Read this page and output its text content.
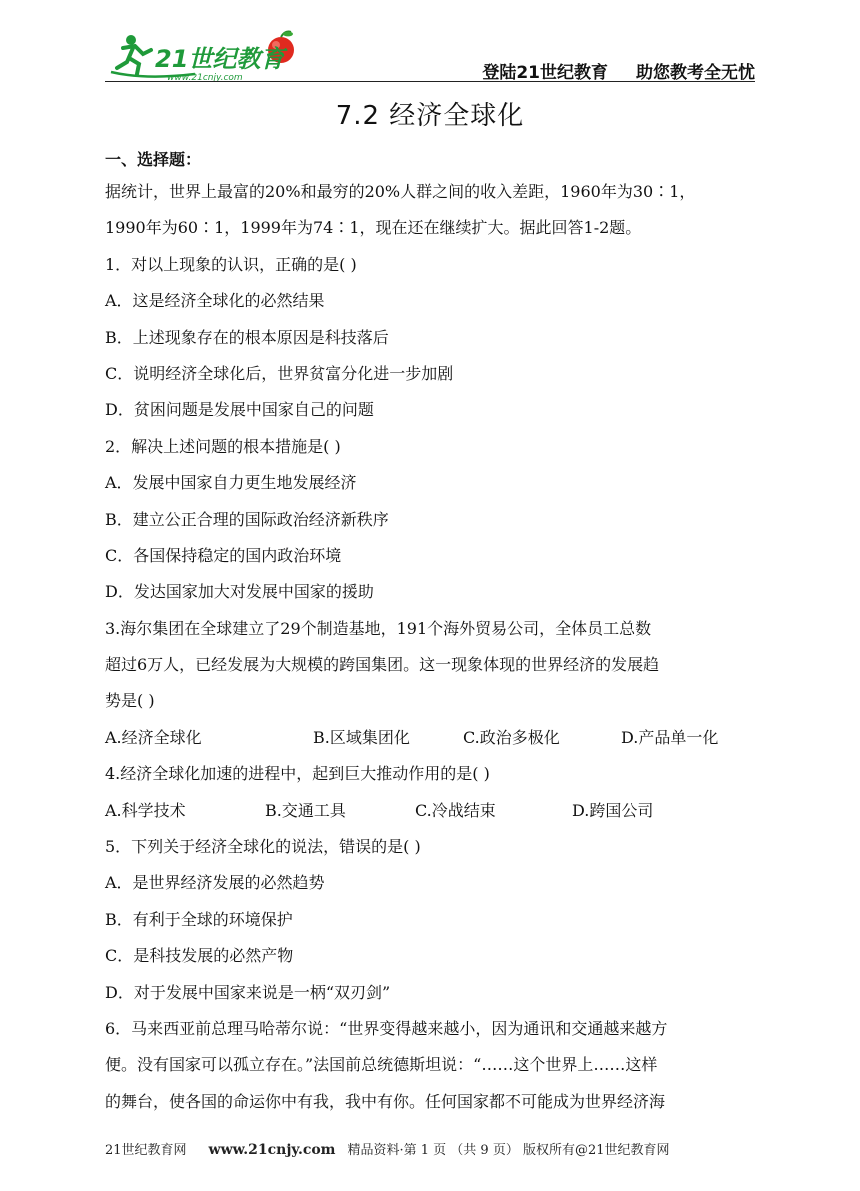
21世纪教育
www.21cnjy.com	登陆21世纪教育 助您教考全无忧
7.2 经济全球化
一、选择题：
据统计，世界上最富的20%和最穷的20%人群之间的收入差距，1960年为30∶1，
1990年为60∶1，1999年为74∶1，现在还在继续扩大。据此回答1-2题。
1．对以上现象的认识，正确的是( )
A．这是经济全球化的必然结果
B．上述现象存在的根本原因是科技落后
C．说明经济全球化后，世界贫富分化进一步加剧
D．贫困问题是发展中国家自己的问题
2．解决上述问题的根本措施是( )
A．发展中国家自力更生地发展经济
B．建立公正合理的国际政治经济新秩序
C．各国保持稳定的国内政治环境
D．发达国家加大对发展中国家的援助
3.海尔集团在全球建立了29个制造基地，191个海外贸易公司，全体员工总数
超过6万人，已经发展为大规模的跨国集团。这一现象体现的世界经济的发展趋
势是( )
A.经济全球化	B.区域集团化	C.政治多极化	D.产品单一化
4.经济全球化加速的进程中，起到巨大推动作用的是( )
A.科学技术	B.交通工具	C.冷战结束	D.跨国公司
5．下列关于经济全球化的说法，错误的是( )
A．是世界经济发展的必然趋势
B．有利于全球的环境保护
C．是科技发展的必然产物
D．对于发展中国家来说是一柄“双刃剑”
6．马来西亚前总理马哈蒂尔说：“世界变得越来越小，因为通讯和交通越来越方
便。没有国家可以孤立存在。”法国前总统德斯坦说：“……这个世界上……这样
的舞台，使各国的命运你中有我，我中有你。任何国家都不可能成为世界经济海
21世纪教育网 www.21cnjy.com 精品资料·第 1 页 （共 9 页） 版权所有@21世纪教育网
